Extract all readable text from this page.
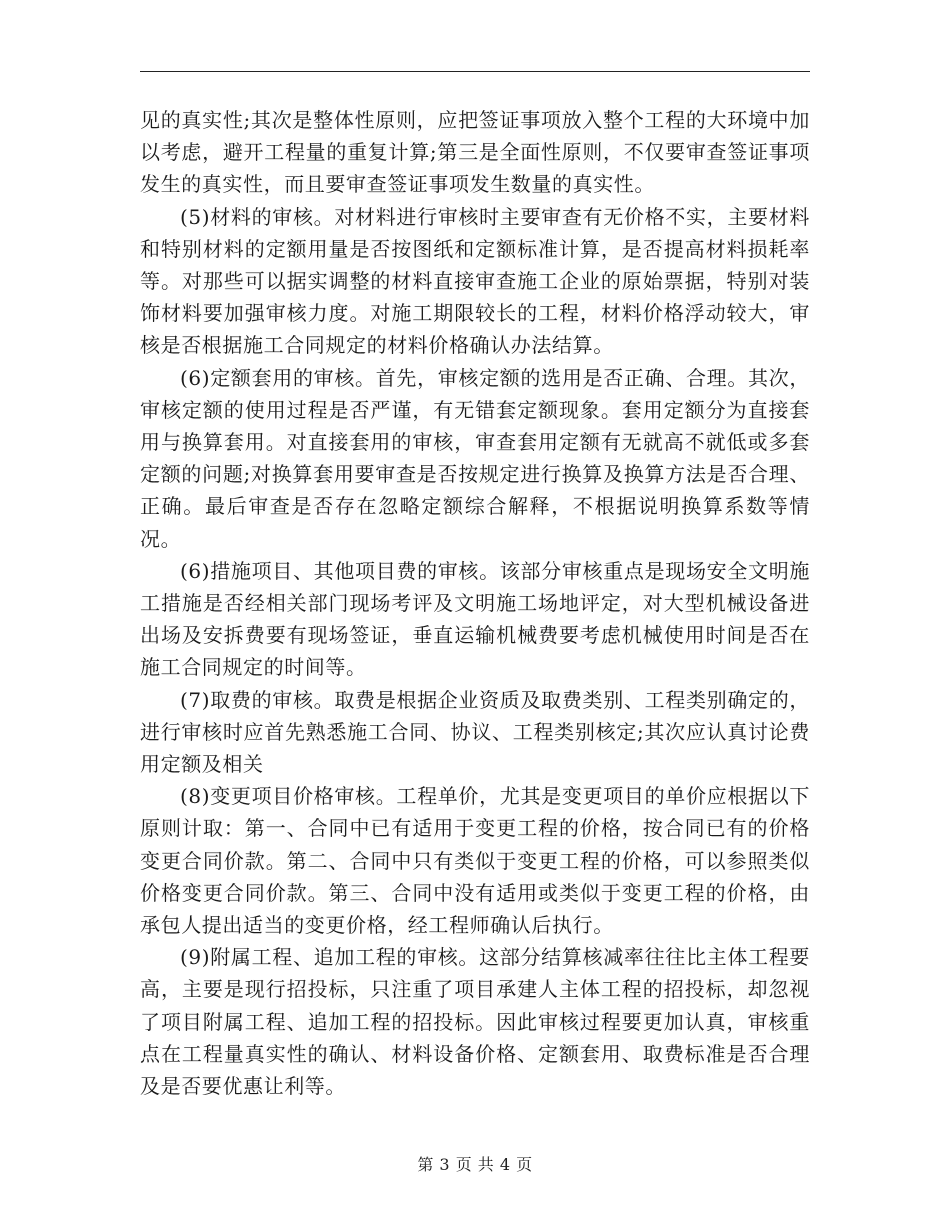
见的真实性;其次是整体性原则，应把签证事项放入整个工程的大环境中加以考虑，避开工程量的重复计算;第三是全面性原则，不仅要审查签证事项发生的真实性，而且要审查签证事项发生数量的真实性。

(5)材料的审核。对材料进行审核时主要审查有无价格不实，主要材料和特别材料的定额用量是否按图纸和定额标准计算，是否提高材料损耗率等。对那些可以据实调整的材料直接审查施工企业的原始票据，特别对装饰材料要加强审核力度。对施工期限较长的工程，材料价格浮动较大，审核是否根据施工合同规定的材料价格确认办法结算。

(6)定额套用的审核。首先，审核定额的选用是否正确、合理。其次，审核定额的使用过程是否严谨，有无错套定额现象。套用定额分为直接套用与换算套用。对直接套用的审核，审查套用定额有无就高不就低或多套定额的问题;对换算套用要审查是否按规定进行换算及换算方法是否合理、正确。最后审查是否存在忽略定额综合解释，不根据说明换算系数等情况。

(6)措施项目、其他项目费的审核。该部分审核重点是现场安全文明施工措施是否经相关部门现场考评及文明施工场地评定，对大型机械设备进出场及安拆费要有现场签证，垂直运输机械费要考虑机械使用时间是否在施工合同规定的时间等。

(7)取费的审核。取费是根据企业资质及取费类别、工程类别确定的，进行审核时应首先熟悉施工合同、协议、工程类别核定;其次应认真讨论费用定额及相关

(8)变更项目价格审核。工程单价，尤其是变更项目的单价应根据以下原则计取：第一、合同中已有适用于变更工程的价格，按合同已有的价格变更合同价款。第二、合同中只有类似于变更工程的价格，可以参照类似价格变更合同价款。第三、合同中没有适用或类似于变更工程的价格，由承包人提出适当的变更价格，经工程师确认后执行。

(9)附属工程、追加工程的审核。这部分结算核减率往往比主体工程要高，主要是现行招投标，只注重了项目承建人主体工程的招投标，却忽视了项目附属工程、追加工程的招投标。因此审核过程要更加认真，审核重点在工程量真实性的确认、材料设备价格、定额套用、取费标准是否合理及是否要优惠让利等。

第 3 页 共 4 页
